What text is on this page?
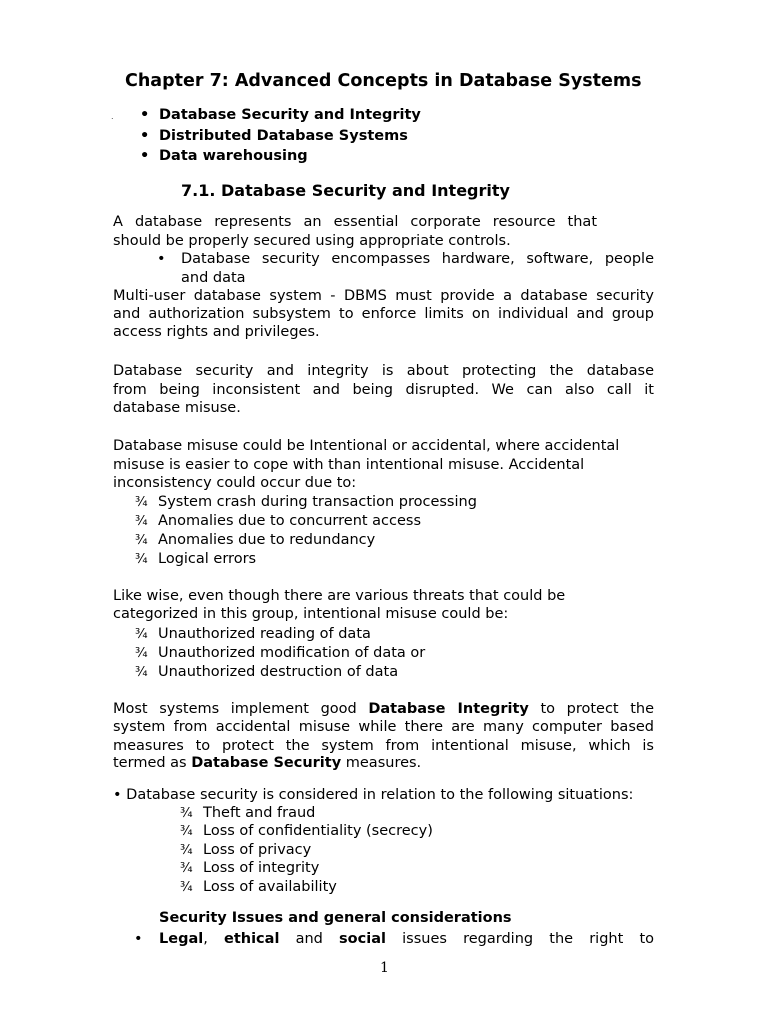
Chapter 7: Advanced Concepts in Database Systems
. • Database Security and Integrity
• Distributed Database Systems
• Data warehousing
7.1. Database Security and Integrity
A database represents an essential corporate resource that
should be properly secured using appropriate controls.
• Database security encompasses hardware, software, people
and data
Multi-user database system - DBMS must provide a database security
and authorization subsystem to enforce limits on individual and group
access rights and privileges.
Database security and integrity is about protecting the database
from being inconsistent and being disrupted. We can also call it
database misuse.
Database misuse could be Intentional or accidental, where accidental
misuse is easier to cope with than intentional misuse. Accidental
inconsistency could occur due to:
¾ System crash during transaction processing
¾ Anomalies due to concurrent access
¾ Anomalies due to redundancy
¾ Logical errors
Like wise, even though there are various threats that could be
categorized in this group, intentional misuse could be:
¾ Unauthorized reading of data
¾ Unauthorized modification of data or
¾ Unauthorized destruction of data
Most systems implement good Database Integrity to protect the
system from accidental misuse while there are many computer based
measures to protect the system from intentional misuse, which is
termed as Database Security measures.
• Database security is considered in relation to the following situations:
¾ Theft and fraud
¾ Loss of confidentiality (secrecy)
¾ Loss of privacy
¾ Loss of integrity
¾ Loss of availability
Security Issues and general considerations
• Legal, ethical and social issues regarding the right to
1
